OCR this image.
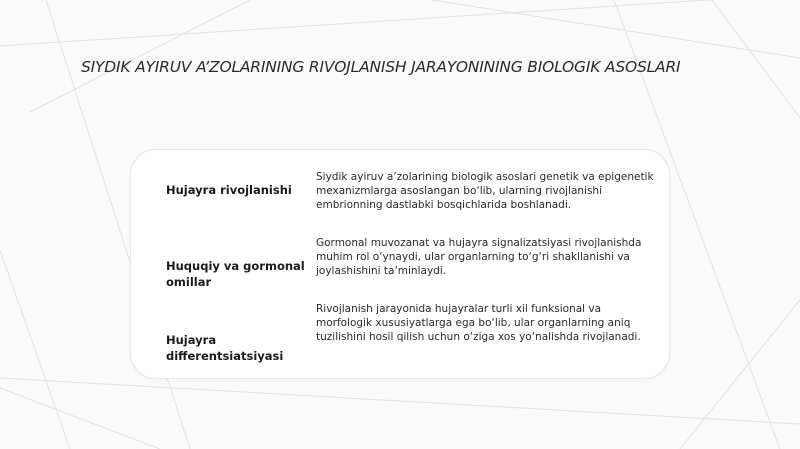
SIYDIK AYIRUV A’ZOLARINING RIVOJLANISH JARAYONINING BIOLOGIK ASOSLARI

Hujayra rivojlanishi

Siydik ayiruv a’zolarining biologik asoslari genetik va epigenetik mexanizmlarga asoslangan bo‘lib, ularning rivojlanishi embrionning dastlabki bosqichlarida boshlanadi.

Huquqiy va gormonal omillar

Gormonal muvozanat va hujayra signalizatsiyasi rivojlanishda muhim rol o‘ynaydi, ular organlarning to‘g‘ri shakllanishi va joylashishini ta’minlaydi.

Hujayra differentsiatsiyasi

Rivojlanish jarayonida hujayralar turli xil funksional va morfologik xususiyatlarga ega bo‘lib, ular organlarning aniq tuzilishini hosil qilish uchun o‘ziga xos yo‘nalishda rivojlanadi.
